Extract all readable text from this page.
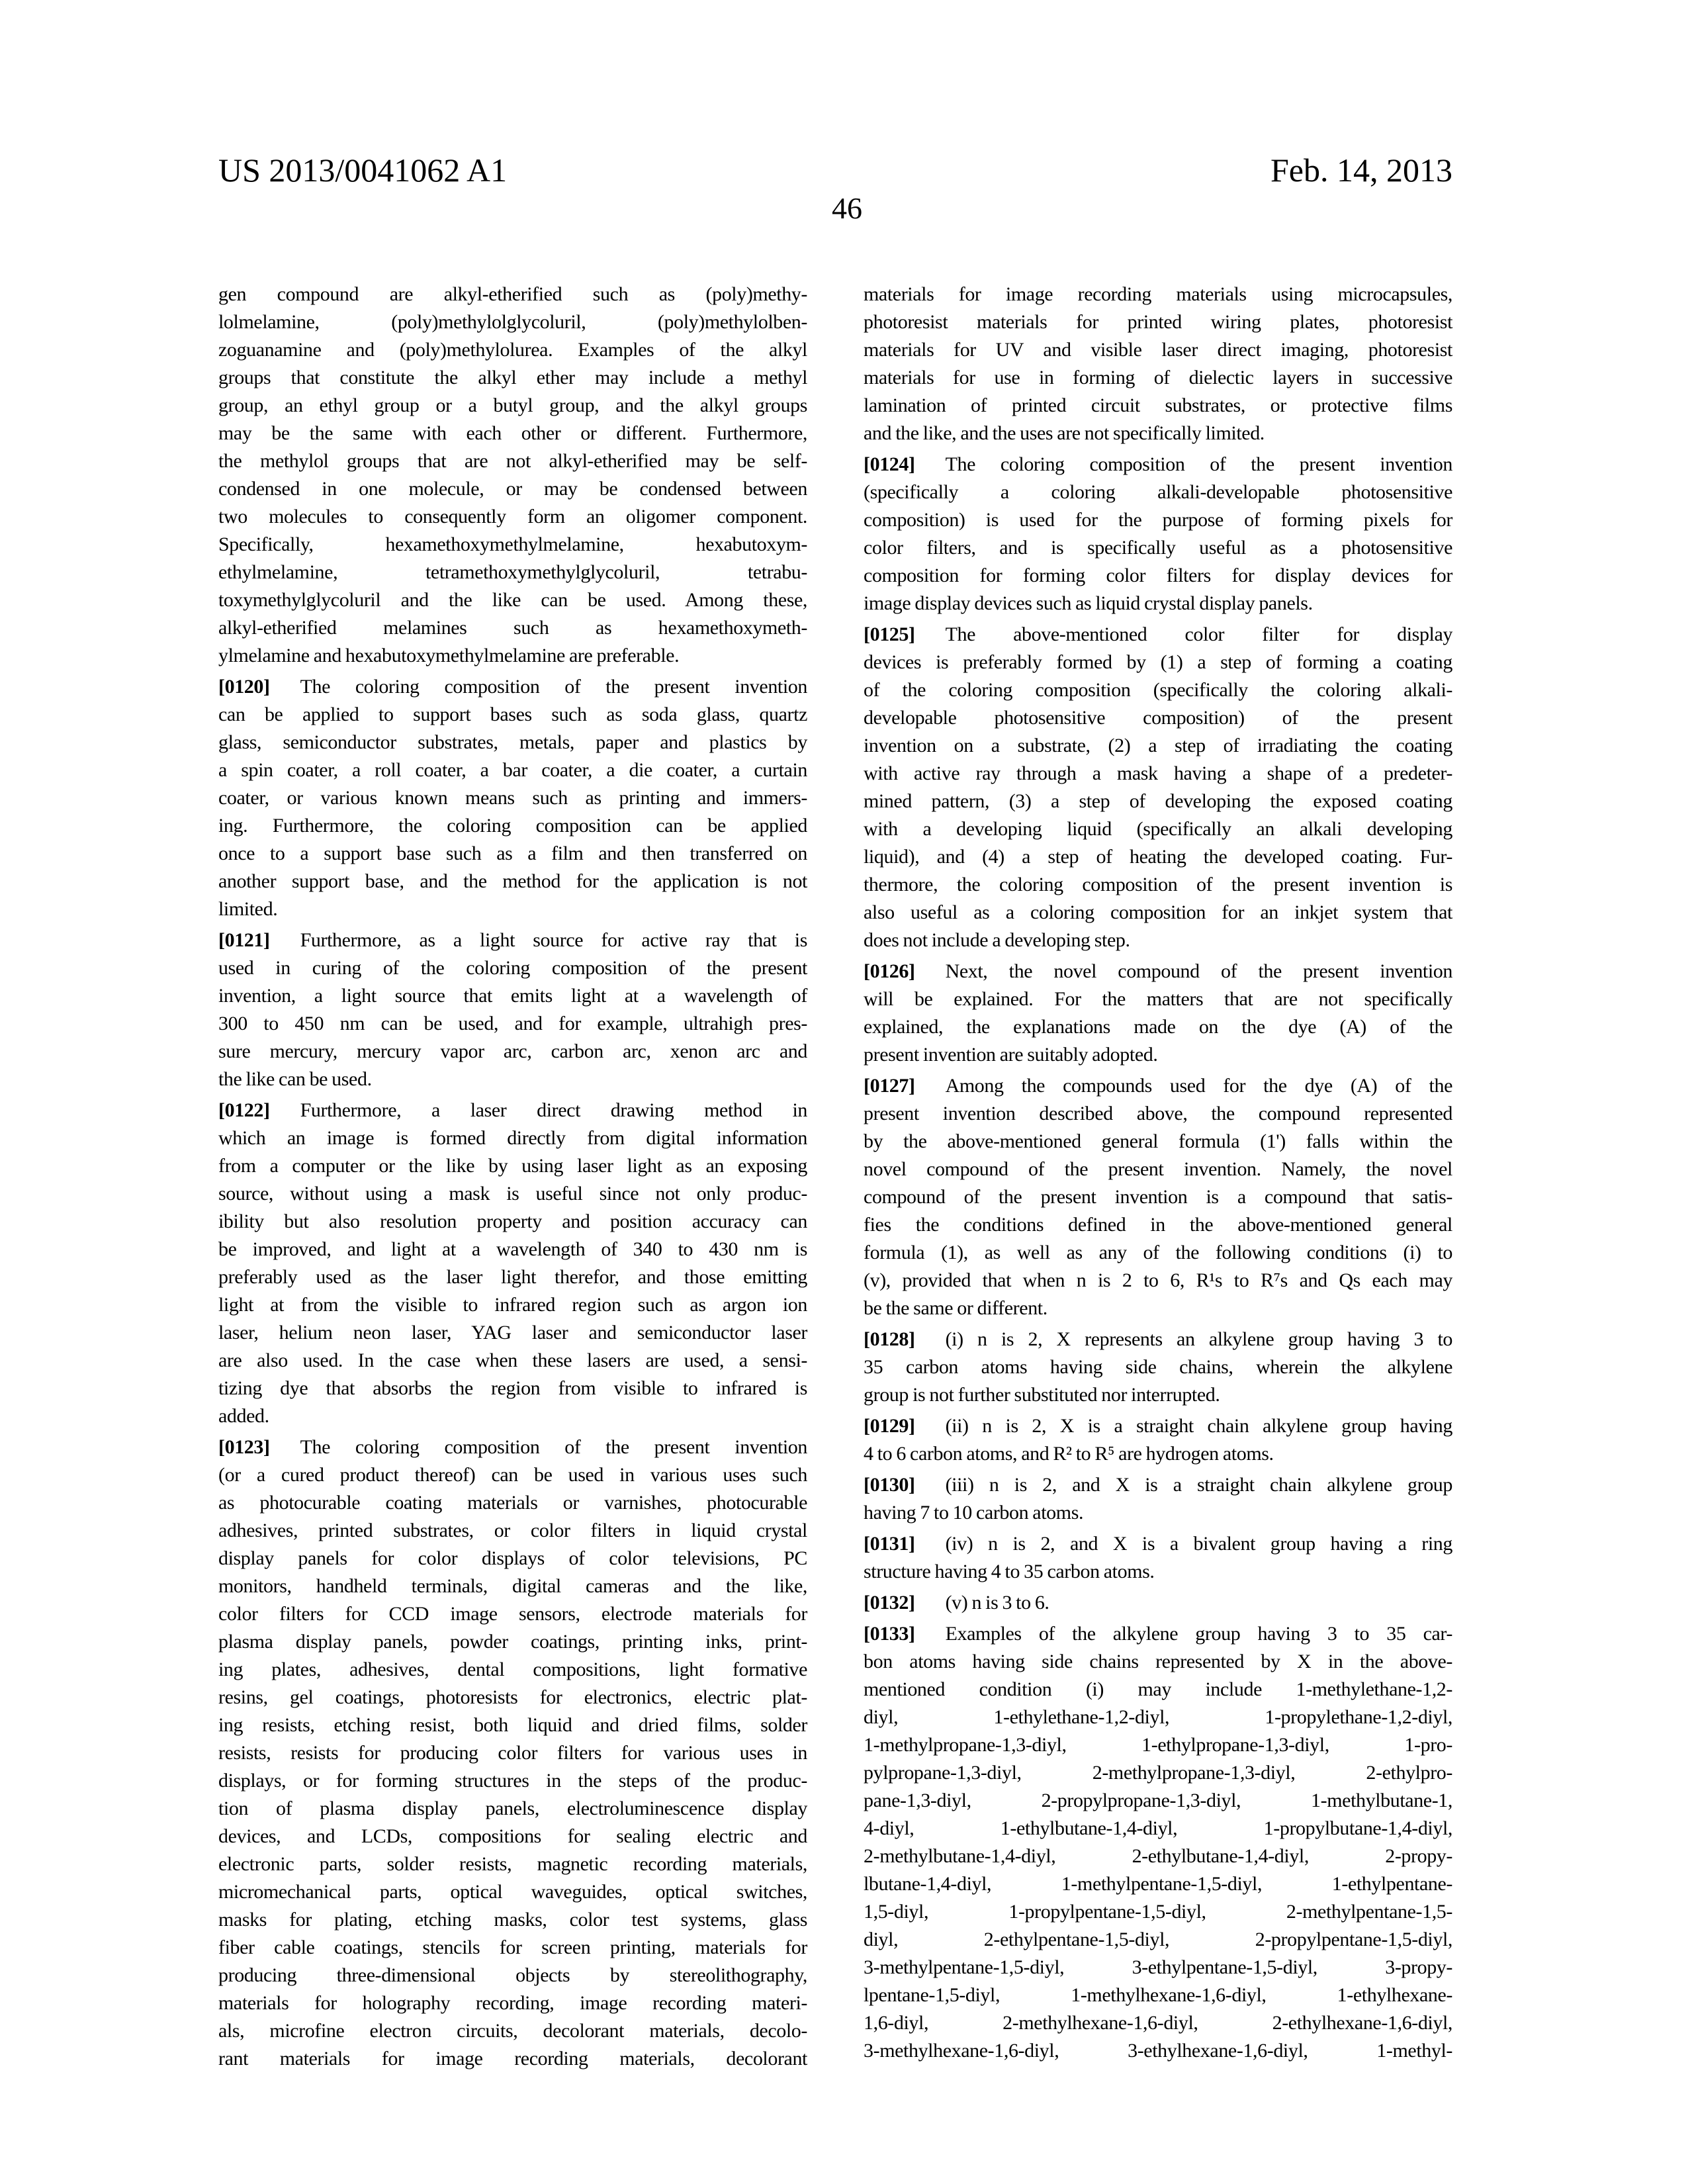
US 2013/0041062 A1	Feb. 14, 2013
46
gen compound are alkyl-etherified such as (poly)methy-
lolmelamine, (poly)methylolglycoluril, (poly)methylolben-
zoguanamine and (poly)methylolurea. Examples of the alkyl
groups that constitute the alkyl ether may include a methyl
group, an ethyl group or a butyl group, and the alkyl groups
may be the same with each other or different. Furthermore,
the methylol groups that are not alkyl-etherified may be self-
condensed in one molecule, or may be condensed between
two molecules to consequently form an oligomer component.
Specifically, hexamethoxymethylmelamine, hexabutoxym-
ethylmelamine, tetramethoxymethylglycoluril, tetrabu-
toxymethylglycoluril and the like can be used. Among these,
alkyl-etherified melamines such as hexamethoxymeth-
ylmelamine and hexabutoxymethylmelamine are preferable.
[0120] The coloring composition of the present invention
can be applied to support bases such as soda glass, quartz
glass, semiconductor substrates, metals, paper and plastics by
a spin coater, a roll coater, a bar coater, a die coater, a curtain
coater, or various known means such as printing and immers-
ing. Furthermore, the coloring composition can be applied
once to a support base such as a film and then transferred on
another support base, and the method for the application is not
limited.
[0121] Furthermore, as a light source for active ray that is
used in curing of the coloring composition of the present
invention, a light source that emits light at a wavelength of
300 to 450 nm can be used, and for example, ultrahigh pres-
sure mercury, mercury vapor arc, carbon arc, xenon arc and
the like can be used.
[0122] Furthermore, a laser direct drawing method in
which an image is formed directly from digital information
from a computer or the like by using laser light as an exposing
source, without using a mask is useful since not only produc-
ibility but also resolution property and position accuracy can
be improved, and light at a wavelength of 340 to 430 nm is
preferably used as the laser light therefor, and those emitting
light at from the visible to infrared region such as argon ion
laser, helium neon laser, YAG laser and semiconductor laser
are also used. In the case when these lasers are used, a sensi-
tizing dye that absorbs the region from visible to infrared is
added.
[0123] The coloring composition of the present invention
(or a cured product thereof) can be used in various uses such
as photocurable coating materials or varnishes, photocurable
adhesives, printed substrates, or color filters in liquid crystal
display panels for color displays of color televisions, PC
monitors, handheld terminals, digital cameras and the like,
color filters for CCD image sensors, electrode materials for
plasma display panels, powder coatings, printing inks, print-
ing plates, adhesives, dental compositions, light formative
resins, gel coatings, photoresists for electronics, electric plat-
ing resists, etching resist, both liquid and dried films, solder
resists, resists for producing color filters for various uses in
displays, or for forming structures in the steps of the produc-
tion of plasma display panels, electroluminescence display
devices, and LCDs, compositions for sealing electric and
electronic parts, solder resists, magnetic recording materials,
micromechanical parts, optical waveguides, optical switches,
masks for plating, etching masks, color test systems, glass
fiber cable coatings, stencils for screen printing, materials for
producing three-dimensional objects by stereolithography,
materials for holography recording, image recording materi-
als, microfine electron circuits, decolorant materials, decolo-
rant materials for image recording materials, decolorant
materials for image recording materials using microcapsules,
photoresist materials for printed wiring plates, photoresist
materials for UV and visible laser direct imaging, photoresist
materials for use in forming of dielectic layers in successive
lamination of printed circuit substrates, or protective films
and the like, and the uses are not specifically limited.
[0124] The coloring composition of the present invention
(specifically a coloring alkali-developable photosensitive
composition) is used for the purpose of forming pixels for
color filters, and is specifically useful as a photosensitive
composition for forming color filters for display devices for
image display devices such as liquid crystal display panels.
[0125] The above-mentioned color filter for display
devices is preferably formed by (1) a step of forming a coating
of the coloring composition (specifically the coloring alkali-
developable photosensitive composition) of the present
invention on a substrate, (2) a step of irradiating the coating
with active ray through a mask having a shape of a predeter-
mined pattern, (3) a step of developing the exposed coating
with a developing liquid (specifically an alkali developing
liquid), and (4) a step of heating the developed coating. Fur-
thermore, the coloring composition of the present invention is
also useful as a coloring composition for an inkjet system that
does not include a developing step.
[0126] Next, the novel compound of the present invention
will be explained. For the matters that are not specifically
explained, the explanations made on the dye (A) of the
present invention are suitably adopted.
[0127] Among the compounds used for the dye (A) of the
present invention described above, the compound represented
by the above-mentioned general formula (1') falls within the
novel compound of the present invention. Namely, the novel
compound of the present invention is a compound that satis-
fies the conditions defined in the above-mentioned general
formula (1), as well as any of the following conditions (i) to
(v), provided that when n is 2 to 6, R¹s to R⁷s and Qs each may
be the same or different.
[0128] (i) n is 2, X represents an alkylene group having 3 to
35 carbon atoms having side chains, wherein the alkylene
group is not further substituted nor interrupted.
[0129] (ii) n is 2, X is a straight chain alkylene group having
4 to 6 carbon atoms, and R² to R⁵ are hydrogen atoms.
[0130] (iii) n is 2, and X is a straight chain alkylene group
having 7 to 10 carbon atoms.
[0131] (iv) n is 2, and X is a bivalent group having a ring
structure having 4 to 35 carbon atoms.
[0132] (v) n is 3 to 6.
[0133] Examples of the alkylene group having 3 to 35 car-
bon atoms having side chains represented by X in the above-
mentioned condition (i) may include 1-methylethane-1,2-
diyl, 1-ethylethane-1,2-diyl, 1-propylethane-1,2-diyl,
1-methylpropane-1,3-diyl, 1-ethylpropane-1,3-diyl, 1-pro-
pylpropane-1,3-diyl, 2-methylpropane-1,3-diyl, 2-ethylpro-
pane-1,3-diyl, 2-propylpropane-1,3-diyl, 1-methylbutane-1,
4-diyl, 1-ethylbutane-1,4-diyl, 1-propylbutane-1,4-diyl,
2-methylbutane-1,4-diyl, 2-ethylbutane-1,4-diyl, 2-propy-
lbutane-1,4-diyl, 1-methylpentane-1,5-diyl, 1-ethylpentane-
1,5-diyl, 1-propylpentane-1,5-diyl, 2-methylpentane-1,5-
diyl, 2-ethylpentane-1,5-diyl, 2-propylpentane-1,5-diyl,
3-methylpentane-1,5-diyl, 3-ethylpentane-1,5-diyl, 3-propy-
lpentane-1,5-diyl, 1-methylhexane-1,6-diyl, 1-ethylhexane-
1,6-diyl, 2-methylhexane-1,6-diyl, 2-ethylhexane-1,6-diyl,
3-methylhexane-1,6-diyl, 3-ethylhexane-1,6-diyl, 1-methyl-
